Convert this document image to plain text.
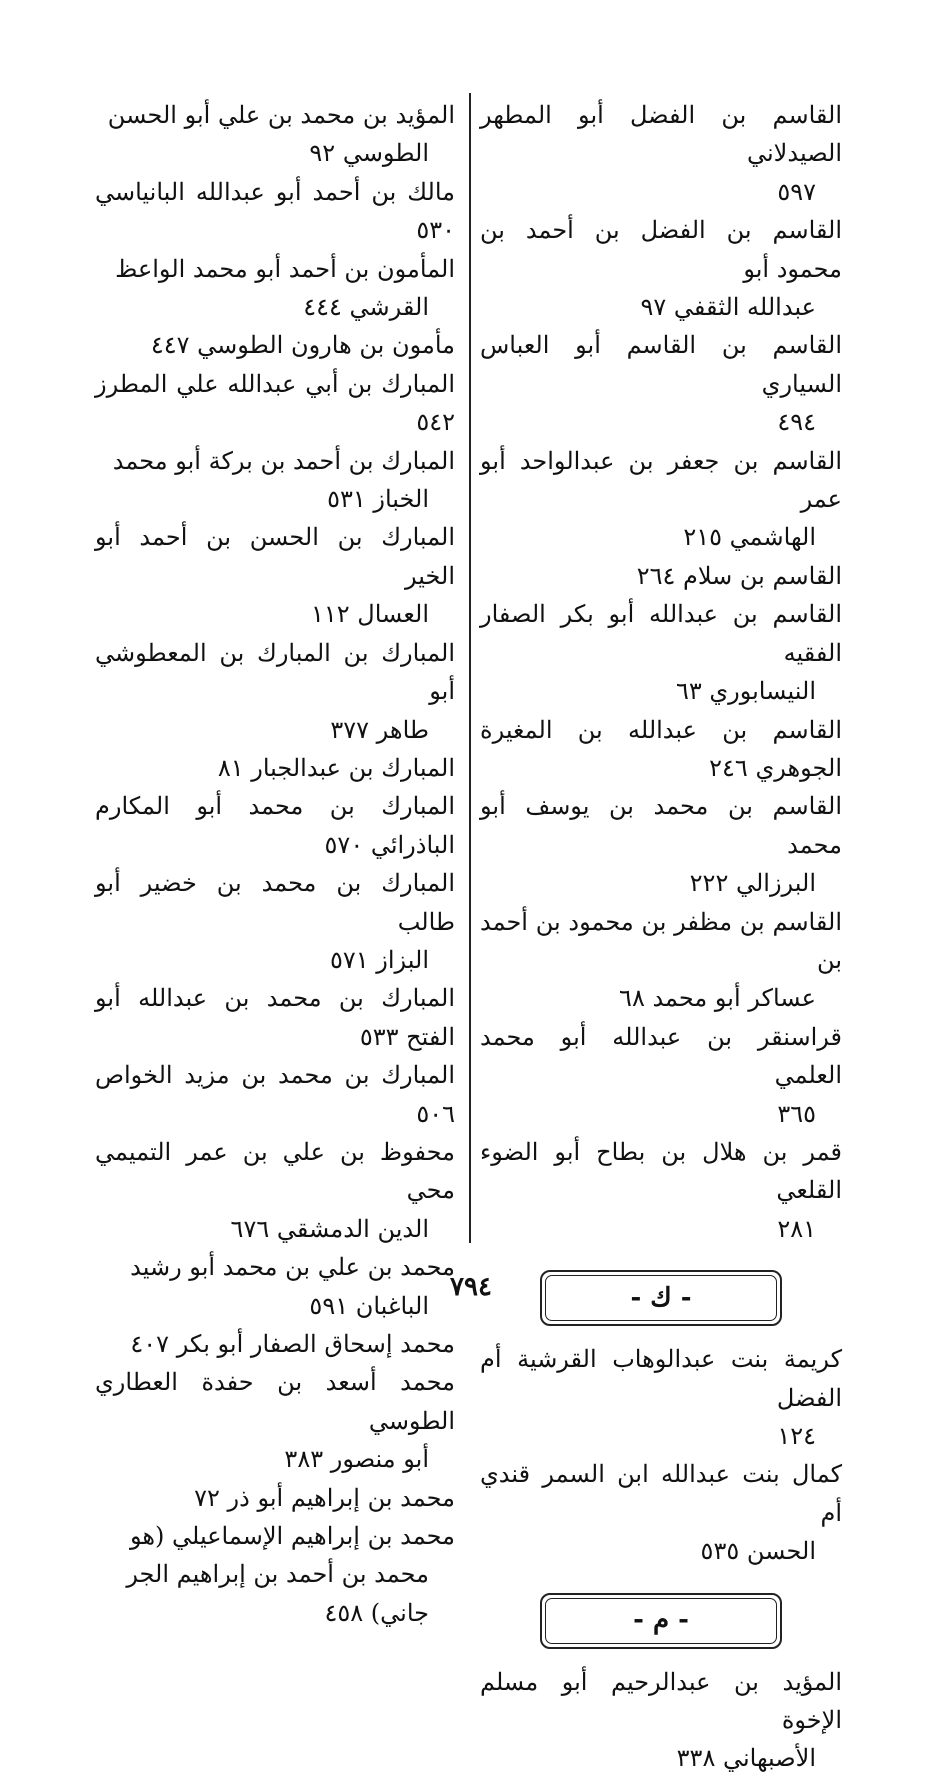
القاسم بن الفضل أبو المطهر الصيدلاني
٥٩٧
القاسم بن الفضل بن أحمد بن محمود أبو
عبدالله الثقفي ٩٧
القاسم بن القاسم أبو العباس السياري
٤٩٤
القاسم بن جعفر بن عبدالواحد أبو عمر
الهاشمي ٢١٥
القاسم بن سلام ٢٦٤
القاسم بن عبدالله أبو بكر الصفار الفقيه
النيسابوري ٦٣
القاسم بن عبدالله بن المغيرة الجوهري ٢٤٦
القاسم بن محمد بن يوسف أبو محمد
البرزالي ٢٢٢
القاسم بن مظفر بن محمود بن أحمد بن
عساكر أبو محمد ٦٨
قراسنقر بن عبدالله أبو محمد العلمي
٣٦٥
قمر بن هلال بن بطاح أبو الضوء القلعي
٢٨١
- ك -
كريمة بنت عبدالوهاب القرشية أم الفضل
١٢٤
كمال بنت عبدالله ابن السمر قندي أم
الحسن ٥٣٥
- م -
المؤيد بن عبدالرحيم أبو مسلم الإخوة
الأصبهاني ٣٣٨
المؤيد بن محمد بن علي أبو الحسن
الطوسي ٩٢
مالك بن أحمد أبو عبدالله البانياسي ٥٣٠
المأمون بن أحمد أبو محمد الواعظ
القرشي ٤٤٤
مأمون بن هارون الطوسي ٤٤٧
المبارك بن أبي عبدالله علي المطرز ٥٤٢
المبارك بن أحمد بن بركة أبو محمد
الخباز ٥٣١
المبارك بن الحسن بن أحمد أبو الخير
العسال ١١٢
المبارك بن المبارك بن المعطوشي أبو
طاهر ٣٧٧
المبارك بن عبدالجبار ٨١
المبارك بن محمد أبو المكارم الباذرائي ٥٧٠
المبارك بن محمد بن خضير أبو طالب
البزاز ٥٧١
المبارك بن محمد بن عبدالله أبو الفتح ٥٣٣
المبارك بن محمد بن مزيد الخواص ٥٠٦
محفوظ بن علي بن عمر التميمي محي
الدين الدمشقي ٦٧٦
محمد بن علي بن محمد أبو رشيد
الباغبان ٥٩١
محمد إسحاق الصفار أبو بكر ٤٠٧
محمد أسعد بن حفدة العطاري الطوسي
أبو منصور ٣٨٣
محمد بن إبراهيم أبو ذر ٧٢
محمد بن إبراهيم الإسماعيلي (هو
محمد بن أحمد بن إبراهيم الجر
جاني) ٤٥٨
٧٩٤
